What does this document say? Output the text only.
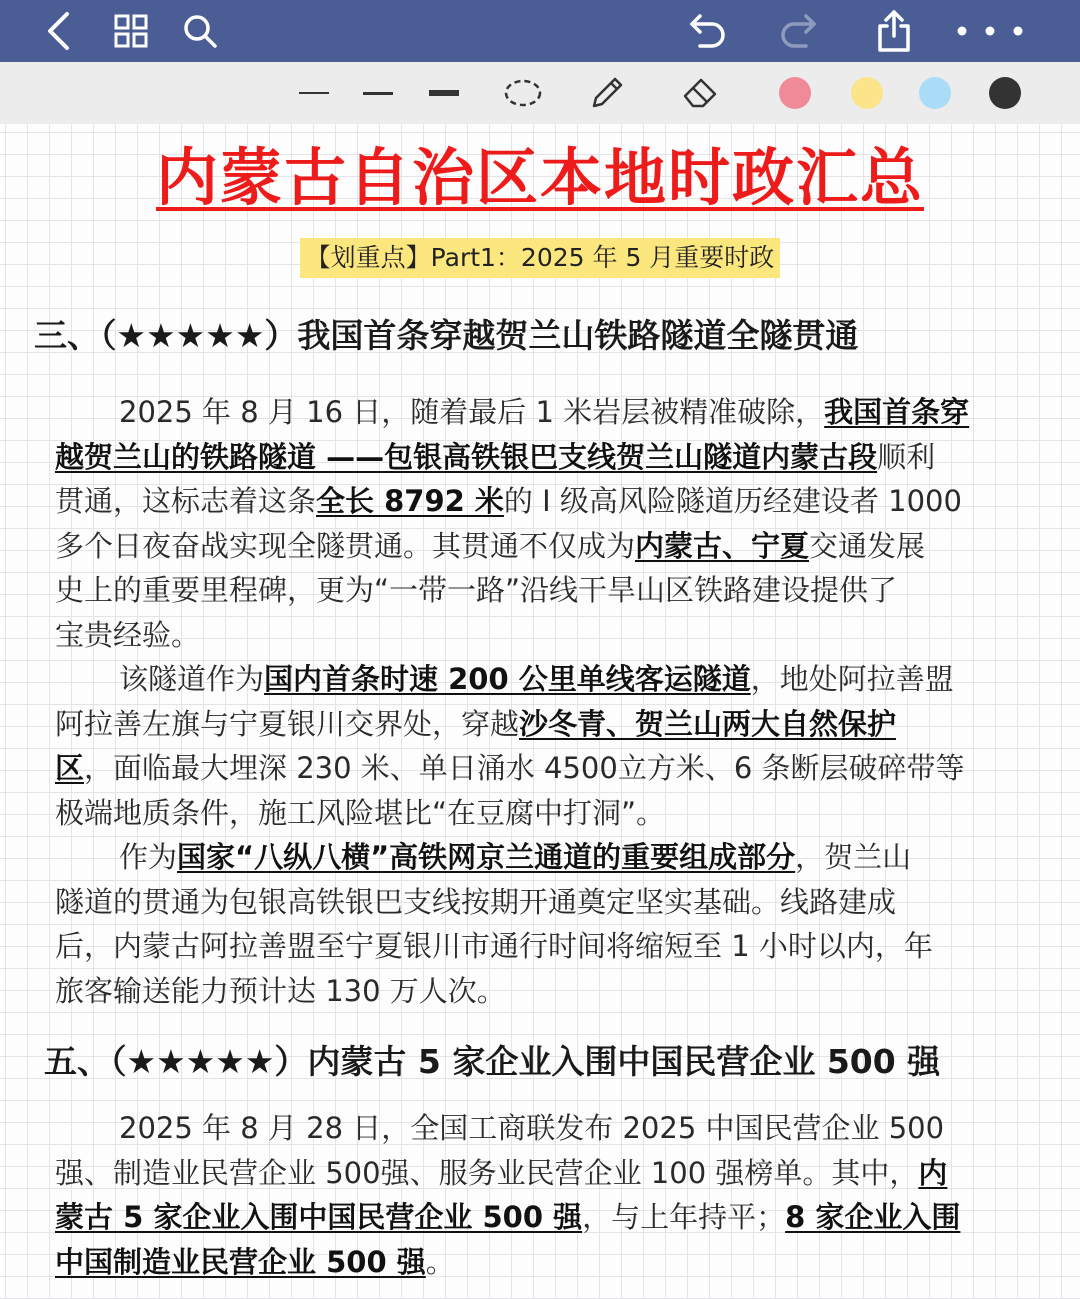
内蒙古自治区本地时政汇总
【划重点】Part1：2025 年 5 月重要时政
三、（★★★★★）我国首条穿越贺兰山铁路隧道全隧贯通
2025 年 8 月 16 日，随着最后 1 米岩层被精准破除，我国首条穿
越贺兰山的铁路隧道 ——包银高铁银巴支线贺兰山隧道内蒙古段顺利
贯通，这标志着这条全长 8792 米的 Ⅰ 级高风险隧道历经建设者 1000
多个日夜奋战实现全隧贯通。其贯通不仅成为内蒙古、宁夏交通发展
史上的重要里程碑，更为“一带一路”沿线干旱山区铁路建设提供了
宝贵经验。
该隧道作为国内首条时速 200 公里单线客运隧道，地处阿拉善盟
阿拉善左旗与宁夏银川交界处，穿越沙冬青、贺兰山两大自然保护
区，面临最大埋深 230 米、单日涌水 4500立方米、6 条断层破碎带等
极端地质条件，施工风险堪比“在豆腐中打洞”。
作为国家“八纵八横”高铁网京兰通道的重要组成部分，贺兰山
隧道的贯通为包银高铁银巴支线按期开通奠定坚实基础。线路建成
后，内蒙古阿拉善盟至宁夏银川市通行时间将缩短至 1 小时以内，年
旅客输送能力预计达 130 万人次。
五、（★★★★★）内蒙古 5 家企业入围中国民营企业 500 强
2025 年 8 月 28 日，全国工商联发布 2025 中国民营企业 500
强、制造业民营企业 500强、服务业民营企业 100 强榜单。其中，内
蒙古 5 家企业入围中国民营企业 500 强，与上年持平；8 家企业入围
中国制造业民营企业 500 强。
